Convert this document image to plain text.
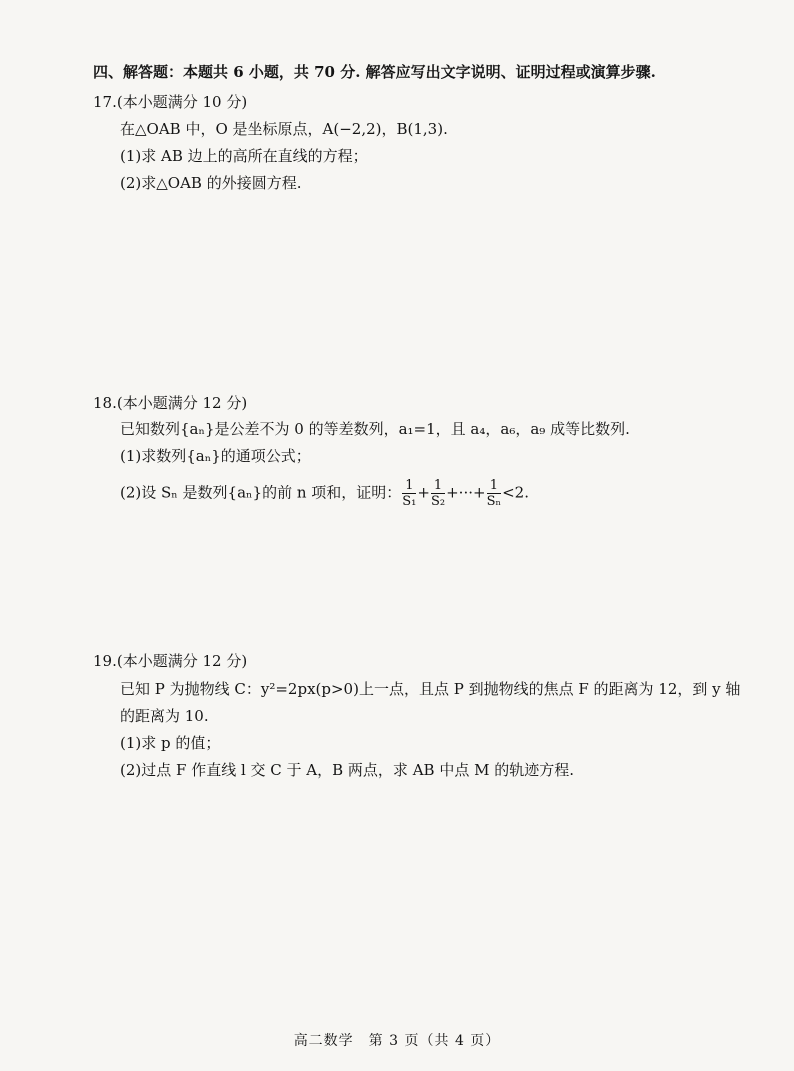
四、解答题：本题共 6 小题，共 70 分. 解答应写出文字说明、证明过程或演算步骤.
17.(本小题满分 10 分)
在△OAB 中，O 是坐标原点，A(−2,2)，B(1,3).
(1)求 AB 边上的高所在直线的方程；
(2)求△OAB 的外接圆方程.
18.(本小题满分 12 分)
已知数列{aₙ}是公差不为 0 的等差数列，a₁=1，且 a₄，a₆，a₉ 成等比数列.
(1)求数列{aₙ}的通项公式；
(2)设 Sₙ 是数列{aₙ}的前 n 项和，证明： $\frac{1}{\text{S₁}} + \frac{1}{\text{S₂}}$ +···+ $\frac{1}{\text{Sₙ}} <2$.
19.(本小题满分 12 分)
已知 P 为抛物线 C：y²=2px(p>0)上一点，且点 P 到抛物线的焦点 F 的距离为 12，到 y 轴
的距离为 10.
(1)求 p 的值；
(2)过点 F 作直线 l 交 C 于 A，B 两点，求 AB 中点 M 的轨迹方程.
高二数学　第 3 页（共 4 页）
